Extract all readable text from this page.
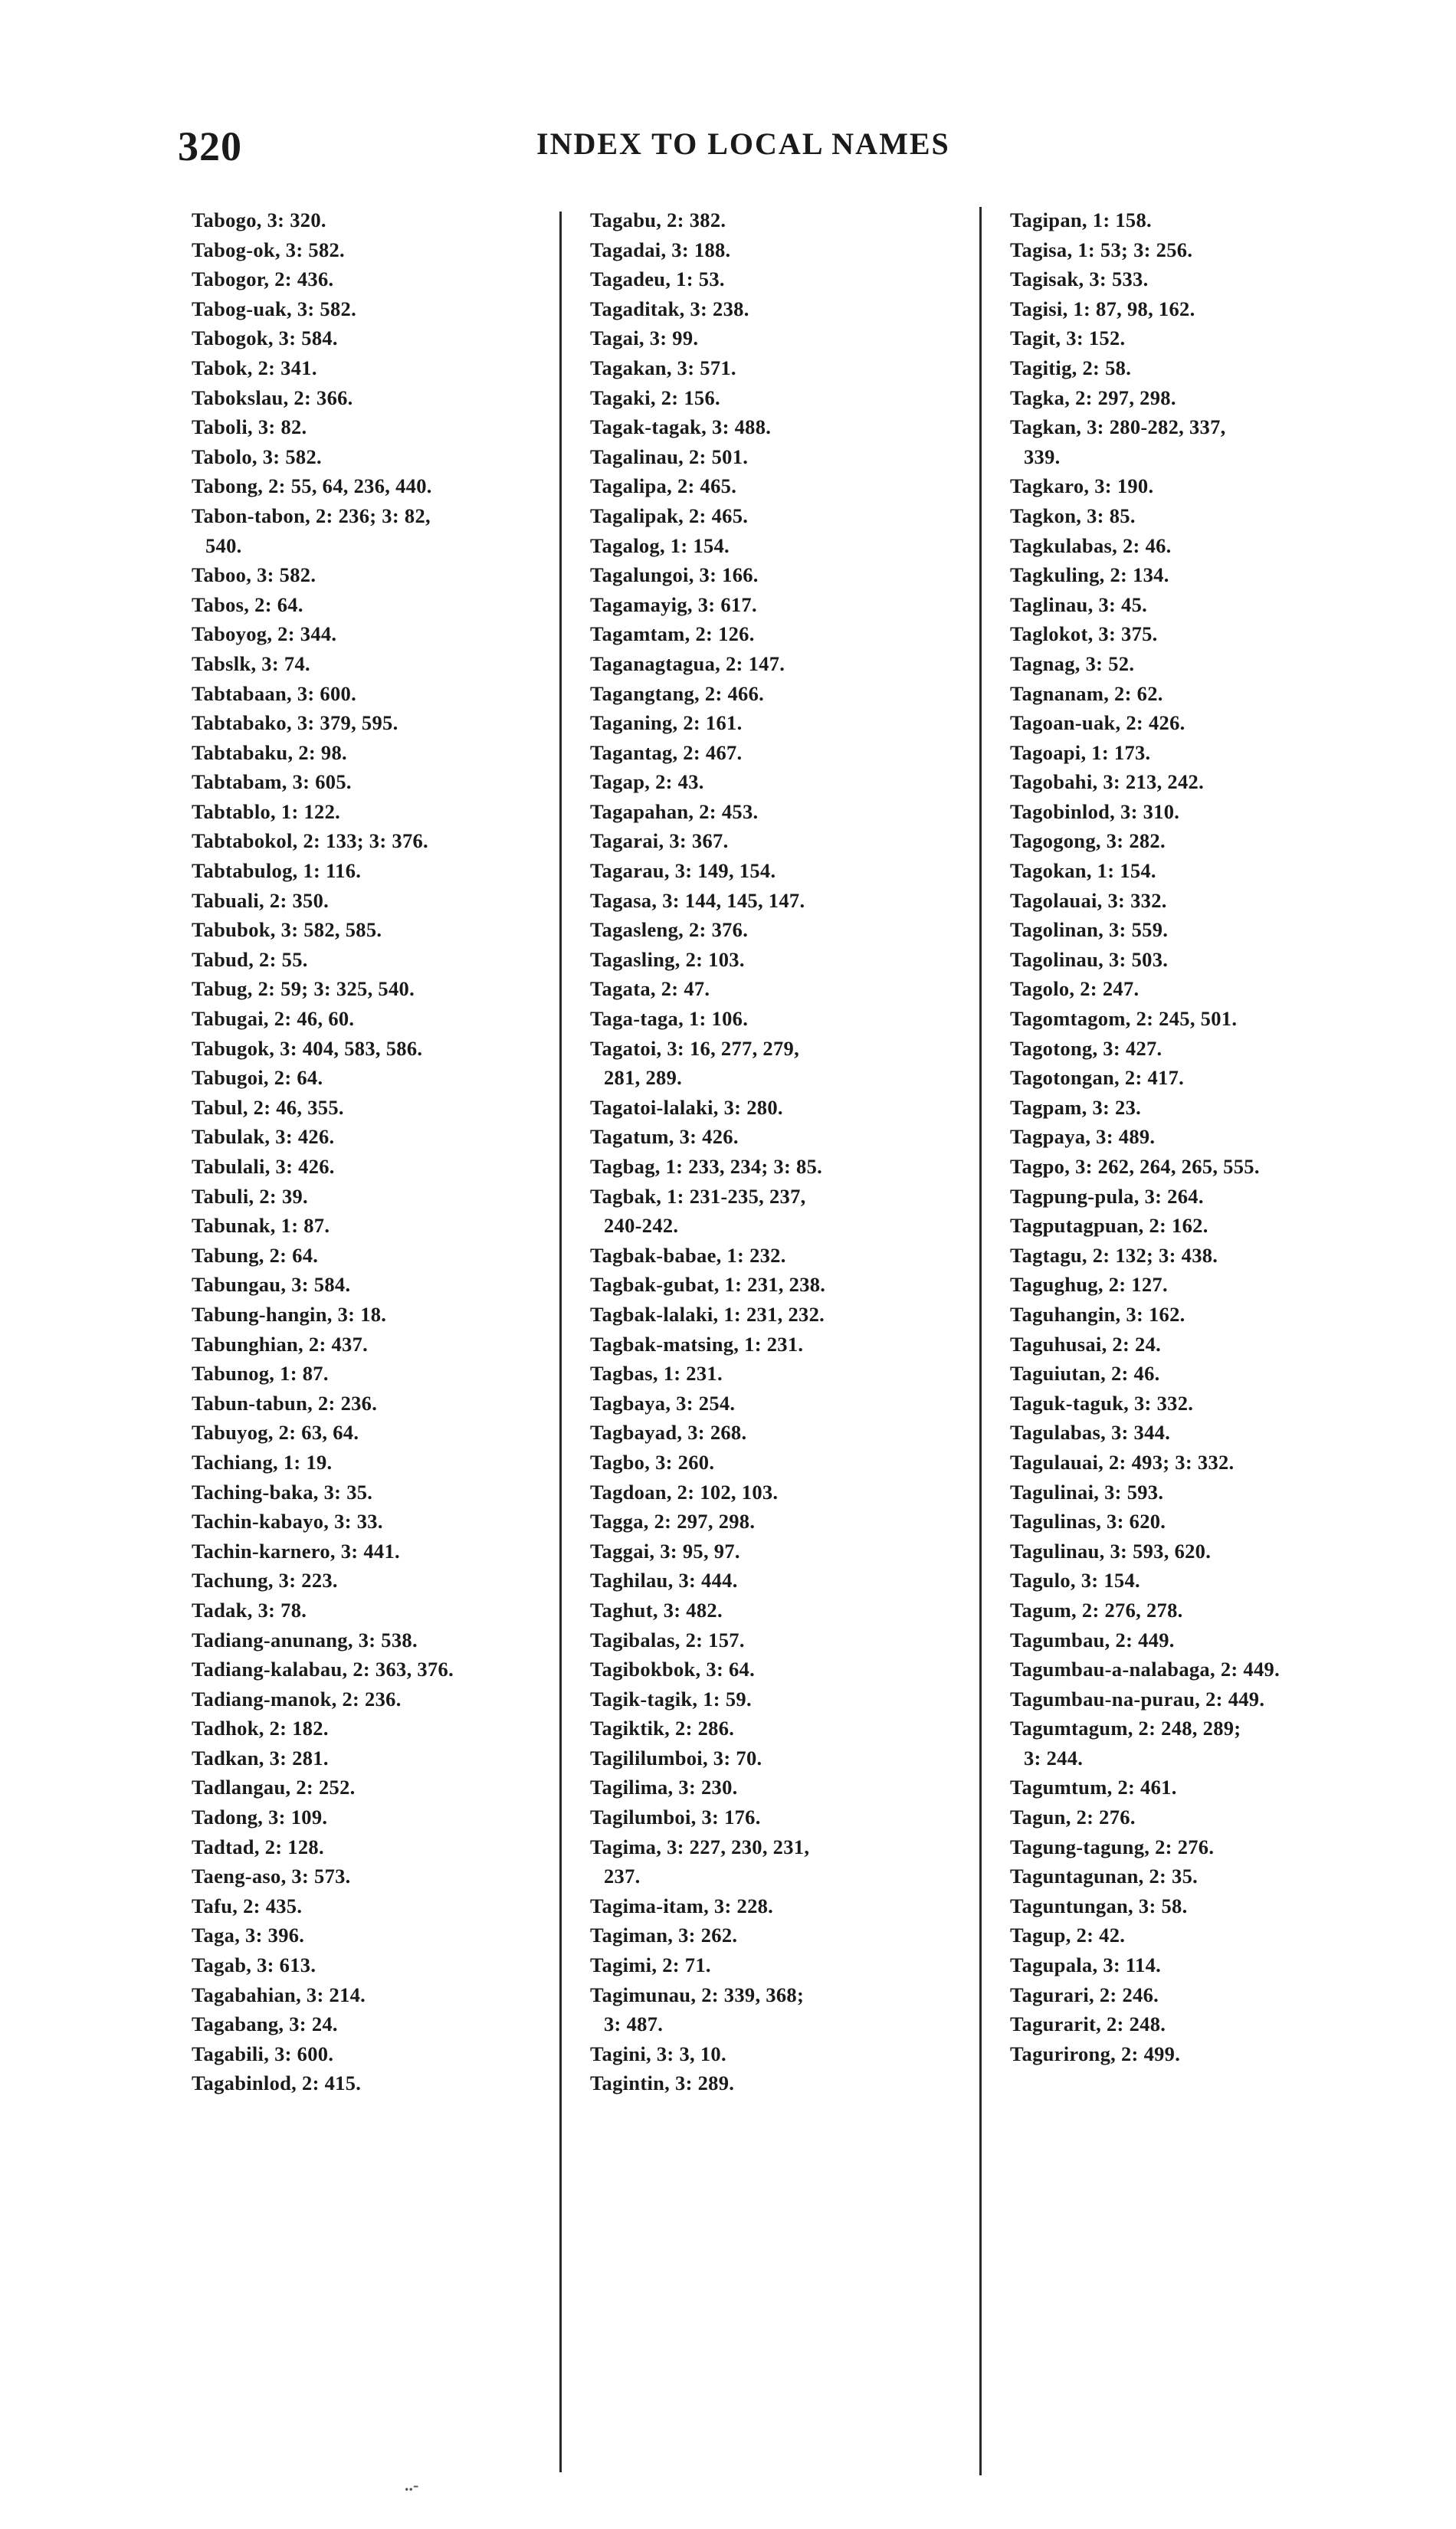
320	INDEX TO LOCAL NAMES
Tabogo, 3: 320.
Tabog-ok, 3: 582.
Tabogor, 2: 436.
Tabog-uak, 3: 582.
Tabogok, 3: 584.
Tabok, 2: 341.
Tabokslau, 2: 366.
Taboli, 3: 82.
Tabolo, 3: 582.
Tabong, 2: 55, 64, 236, 440.
Tabon-tabon, 2: 236; 3: 82,
540.
Taboo, 3: 582.
Tabos, 2: 64.
Taboyog, 2: 344.
Tabslk, 3: 74.
Tabtabaan, 3: 600.
Tabtabako, 3: 379, 595.
Tabtabaku, 2: 98.
Tabtabam, 3: 605.
Tabtablo, 1: 122.
Tabtabokol, 2: 133; 3: 376.
Tabtabulog, 1: 116.
Tabuali, 2: 350.
Tabubok, 3: 582, 585.
Tabud, 2: 55.
Tabug, 2: 59; 3: 325, 540.
Tabugai, 2: 46, 60.
Tabugok, 3: 404, 583, 586.
Tabugoi, 2: 64.
Tabul, 2: 46, 355.
Tabulak, 3: 426.
Tabulali, 3: 426.
Tabuli, 2: 39.
Tabunak, 1: 87.
Tabung, 2: 64.
Tabungau, 3: 584.
Tabung-hangin, 3: 18.
Tabunghian, 2: 437.
Tabunog, 1: 87.
Tabun-tabun, 2: 236.
Tabuyog, 2: 63, 64.
Tachiang, 1: 19.
Taching-baka, 3: 35.
Tachin-kabayo, 3: 33.
Tachin-karnero, 3: 441.
Tachung, 3: 223.
Tadak, 3: 78.
Tadiang-anunang, 3: 538.
Tadiang-kalabau, 2: 363, 376.
Tadiang-manok, 2: 236.
Tadhok, 2: 182.
Tadkan, 3: 281.
Tadlangau, 2: 252.
Tadong, 3: 109.
Tadtad, 2: 128.
Taeng-aso, 3: 573.
Tafu, 2: 435.
Taga, 3: 396.
Tagab, 3: 613.
Tagabahian, 3: 214.
Tagabang, 3: 24.
Tagabili, 3: 600.
Tagabinlod, 2: 415.
Tagabu, 2: 382.
Tagadai, 3: 188.
Tagadeu, 1: 53.
Tagaditak, 3: 238.
Tagai, 3: 99.
Tagakan, 3: 571.
Tagaki, 2: 156.
Tagak-tagak, 3: 488.
Tagalinau, 2: 501.
Tagalipa, 2: 465.
Tagalipak, 2: 465.
Tagalog, 1: 154.
Tagalungoi, 3: 166.
Tagamayig, 3: 617.
Tagamtam, 2: 126.
Taganagtagua, 2: 147.
Tagangtang, 2: 466.
Taganing, 2: 161.
Tagantag, 2: 467.
Tagap, 2: 43.
Tagapahan, 2: 453.
Tagarai, 3: 367.
Tagarau, 3: 149, 154.
Tagasa, 3: 144, 145, 147.
Tagasleng, 2: 376.
Tagasling, 2: 103.
Tagata, 2: 47.
Taga-taga, 1: 106.
Tagatoi, 3: 16, 277, 279,
281, 289.
Tagatoi-lalaki, 3: 280.
Tagatum, 3: 426.
Tagbag, 1: 233, 234; 3: 85.
Tagbak, 1: 231-235, 237,
240-242.
Tagbak-babae, 1: 232.
Tagbak-gubat, 1: 231, 238.
Tagbak-lalaki, 1: 231, 232.
Tagbak-matsing, 1: 231.
Tagbas, 1: 231.
Tagbaya, 3: 254.
Tagbayad, 3: 268.
Tagbo, 3: 260.
Tagdoan, 2: 102, 103.
Tagga, 2: 297, 298.
Taggai, 3: 95, 97.
Taghilau, 3: 444.
Taghut, 3: 482.
Tagibalas, 2: 157.
Tagibokbok, 3: 64.
Tagik-tagik, 1: 59.
Tagiktik, 2: 286.
Tagililumboi, 3: 70.
Tagilima, 3: 230.
Tagilumboi, 3: 176.
Tagima, 3: 227, 230, 231,
237.
Tagima-itam, 3: 228.
Tagiman, 3: 262.
Tagimi, 2: 71.
Tagimunau, 2: 339, 368;
3: 487.
Tagini, 3: 3, 10.
Tagintin, 3: 289.
Tagipan, 1: 158.
Tagisa, 1: 53; 3: 256.
Tagisak, 3: 533.
Tagisi, 1: 87, 98, 162.
Tagit, 3: 152.
Tagitig, 2: 58.
Tagka, 2: 297, 298.
Tagkan, 3: 280-282, 337,
339.
Tagkaro, 3: 190.
Tagkon, 3: 85.
Tagkulabas, 2: 46.
Tagkuling, 2: 134.
Taglinau, 3: 45.
Taglokot, 3: 375.
Tagnag, 3: 52.
Tagnanam, 2: 62.
Tagoan-uak, 2: 426.
Tagoapi, 1: 173.
Tagobahi, 3: 213, 242.
Tagobinlod, 3: 310.
Tagogong, 3: 282.
Tagokan, 1: 154.
Tagolauai, 3: 332.
Tagolinan, 3: 559.
Tagolinau, 3: 503.
Tagolo, 2: 247.
Tagomtagom, 2: 245, 501.
Tagotong, 3: 427.
Tagotongan, 2: 417.
Tagpam, 3: 23.
Tagpaya, 3: 489.
Tagpo, 3: 262, 264, 265, 555.
Tagpung-pula, 3: 264.
Tagputagpuan, 2: 162.
Tagtagu, 2: 132; 3: 438.
Tagughug, 2: 127.
Taguhangin, 3: 162.
Taguhusai, 2: 24.
Taguiutan, 2: 46.
Taguk-taguk, 3: 332.
Tagulabas, 3: 344.
Tagulauai, 2: 493; 3: 332.
Tagulinai, 3: 593.
Tagulinas, 3: 620.
Tagulinau, 3: 593, 620.
Tagulo, 3: 154.
Tagum, 2: 276, 278.
Tagumbau, 2: 449.
Tagumbau-a-nalabaga, 2: 449.
Tagumbau-na-purau, 2: 449.
Tagumtagum, 2: 248, 289;
3: 244.
Tagumtum, 2: 461.
Tagun, 2: 276.
Tagung-tagung, 2: 276.
Taguntagunan, 2: 35.
Taguntungan, 3: 58.
Tagup, 2: 42.
Tagupala, 3: 114.
Tagurari, 2: 246.
Tagurarit, 2: 248.
Tagurirong, 2: 499.
..-
